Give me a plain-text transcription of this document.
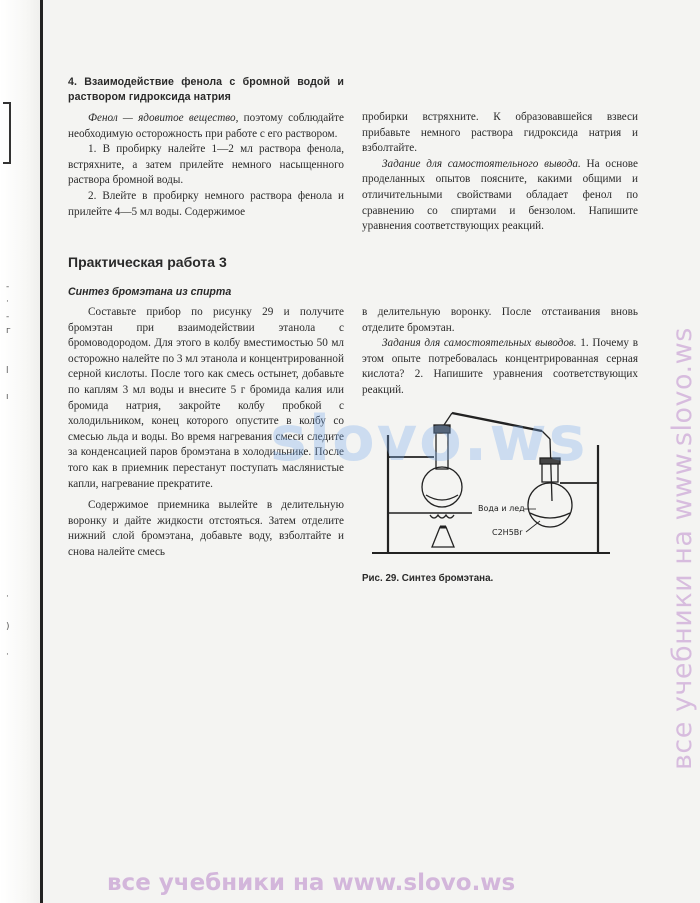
-
·
-
г
l
ı
·
)
·
4. Взаимодействие фенола с бромной водой и раствором гидроксида натрия

Фенол — ядовитое вещество, поэтому соблюдайте необходимую осторожность при работе с его раствором.

1. В пробирку налейте 1—2 мл раствора фенола, встряхните, а затем прилейте немного насыщенного раствора бромной воды.

2. Влейте в пробирку немного раствора фенола и прилейте 4—5 мл воды. Содержимое

пробирки встряхните. К образовавшейся взвеси прибавьте немного раствора гидроксида натрия и взболтайте.

Задание для самостоятельного вывода. На основе проделанных опытов поясните, какими общими и отличительными свойствами обладает фенол по сравнению со спиртами и бензолом. Напишите уравнения соответствующих реакций.

Практическая работа 3
Синтез бромэтана из спирта

Составьте прибор по рисунку 29 и получите бромэтан при взаимодействии этанола с бромоводородом. Для этого в колбу вместимостью 50 мл осторожно налейте по 3 мл этанола и концентрированной серной кислоты. После того как смесь остынет, добавьте по каплям 3 мл воды и внесите 5 г бромида калия или бромида натрия, закройте колбу пробкой с холодильником, конец которого опустите в колбу со смесью льда и воды. Во время нагревания смеси следите за конденсацией паров бромэтана в холодильнике. После того как в приемник перестанут поступать маслянистые капли, нагревание прекратите.

Содержимое приемника вылейте в делительную воронку и дайте жидкости отстояться. Затем отделите нижний слой бромэтана, добавьте воду, взболтайте и снова налейте смесь

в делительную воронку. После отстаивания вновь отделите бромэтан.

Задания для самостоятельных выводов. 1. Почему в этом опыте потребовалась концентрированная серная кислота? 2. Напишите уравнения соответствующих реакций.

Вода и лед
C2H5Br
Рис. 29. Синтез бромэтана.
slovo.ws	все учебники на www.slovo.ws
все учебники на www.slovo.ws
